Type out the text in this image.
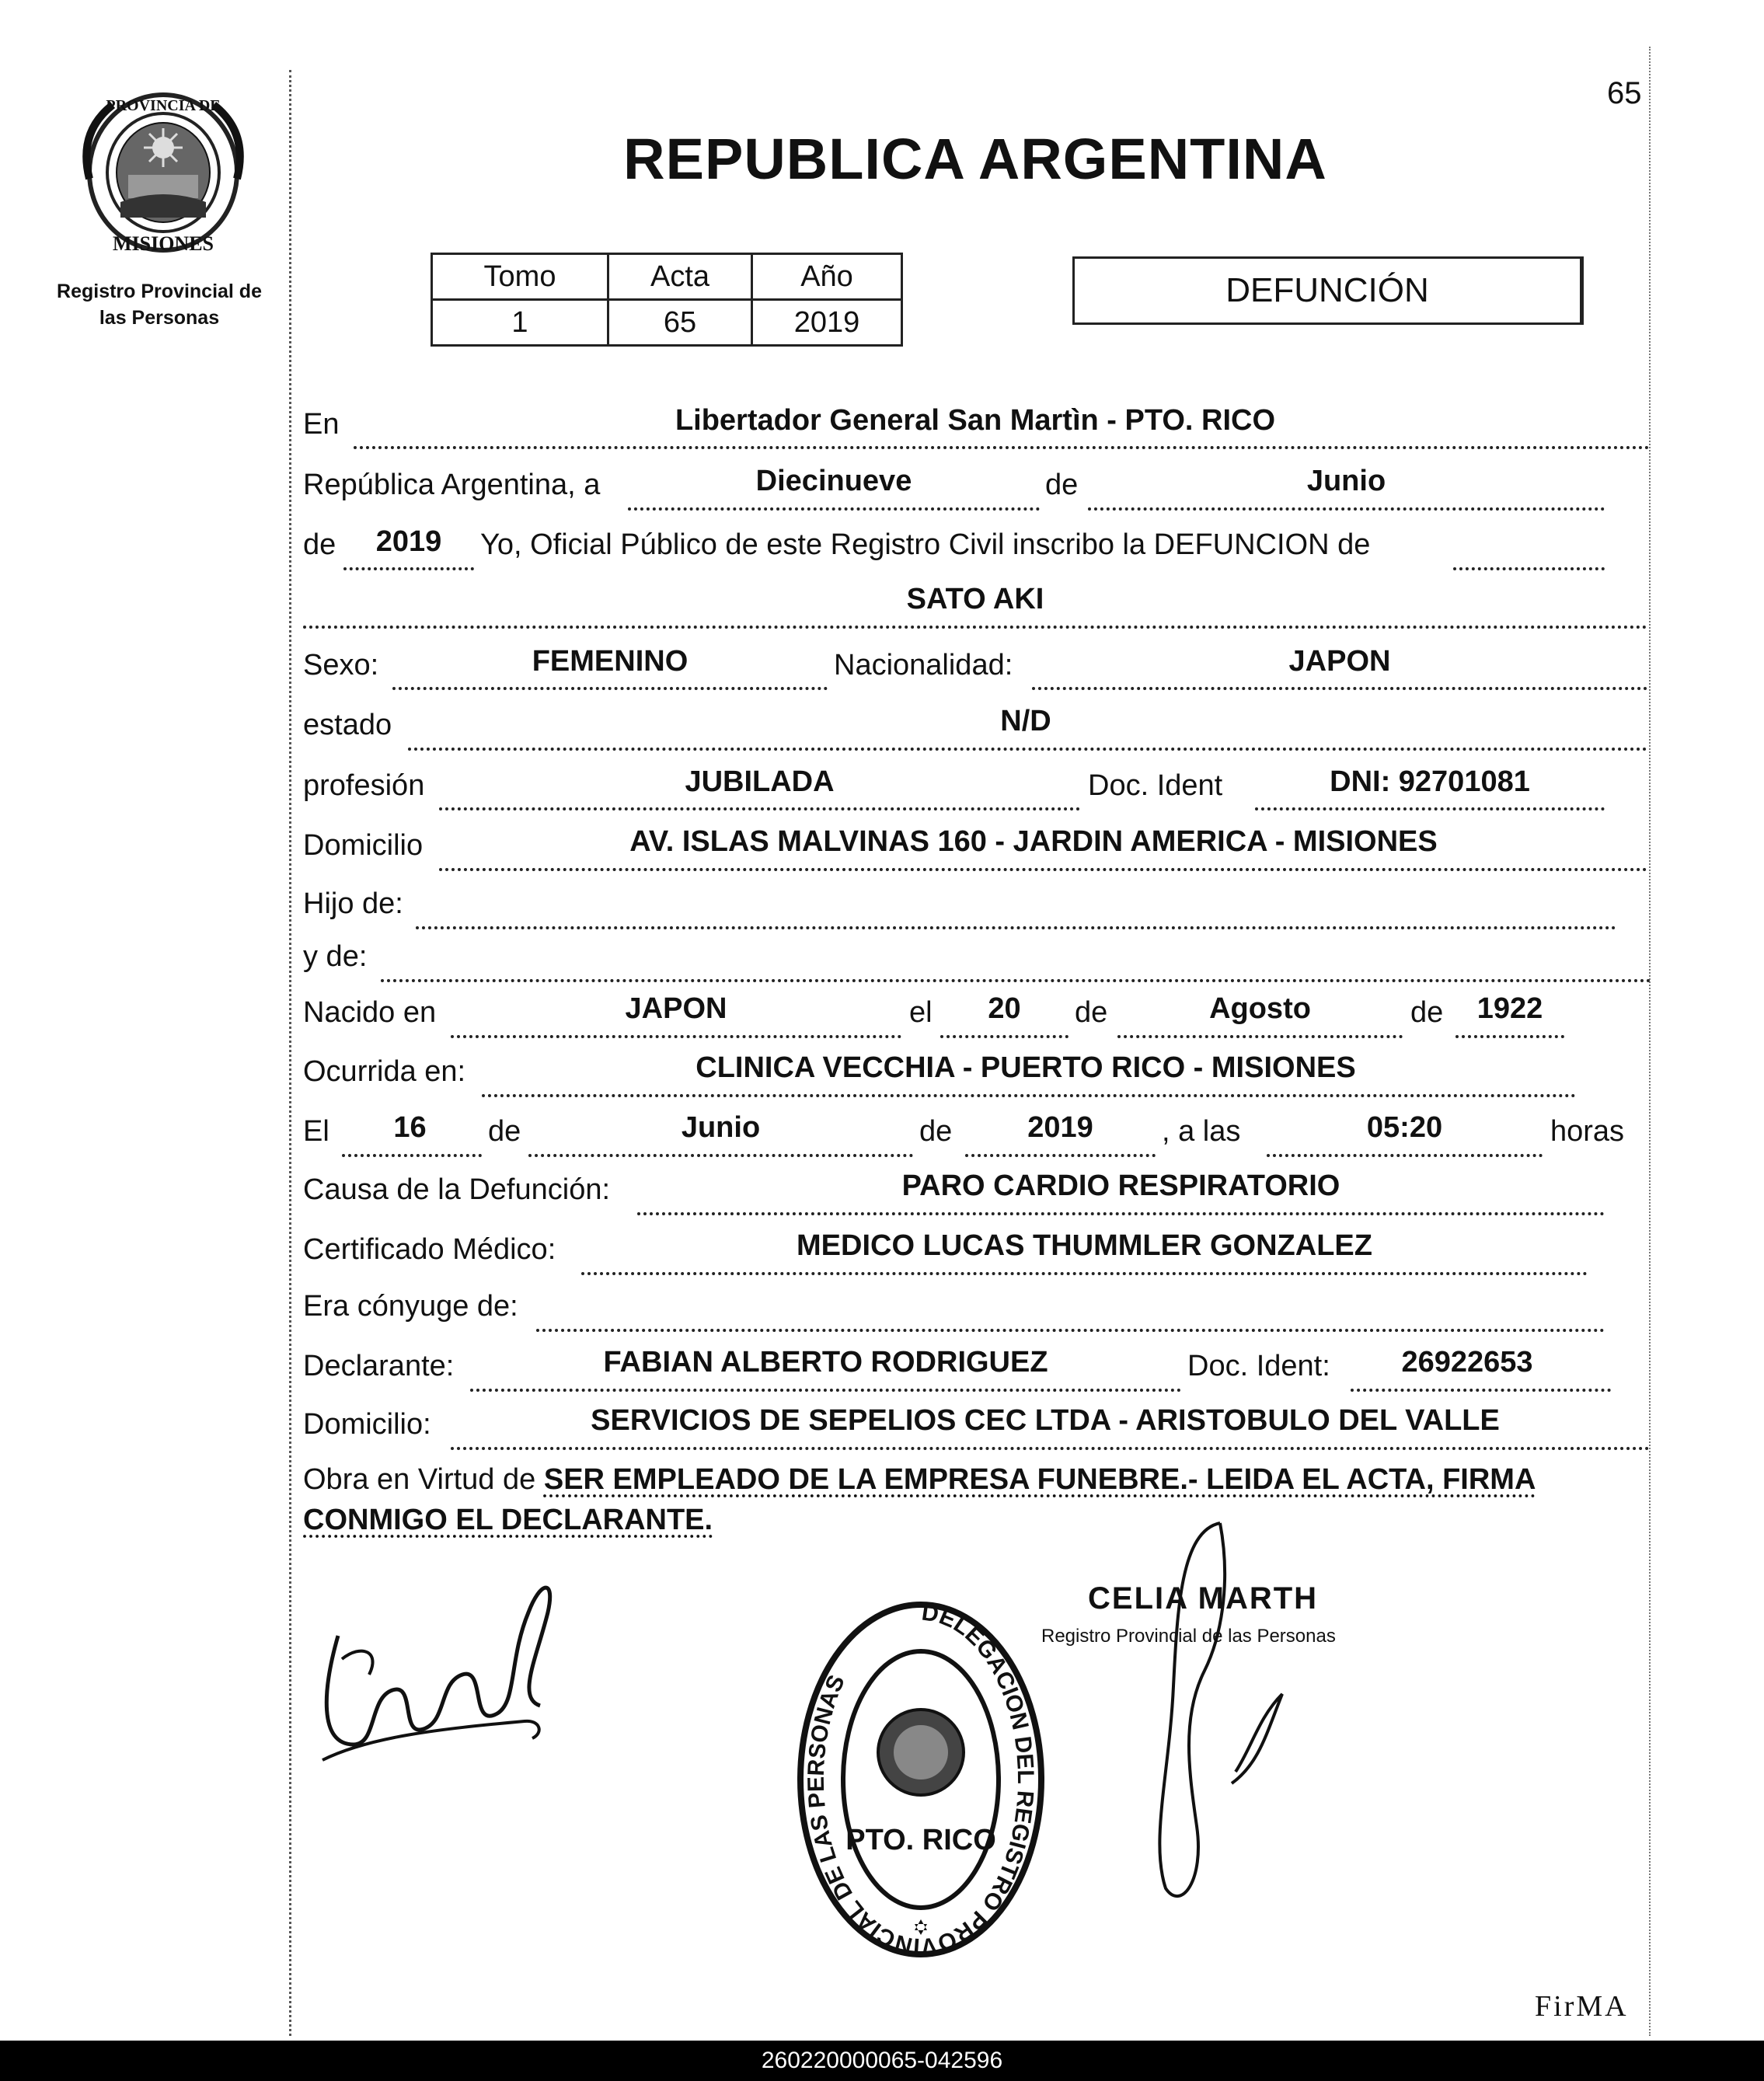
65
PROVINCIA DE
MISIONES
Registro Provincial de
las Personas
REPUBLICA ARGENTINA
Tomo	Acta	Año
1	65	2019
DEFUNCIÓN
En	Libertador General San Martìn - PTO. RICO
República Argentina, a	Diecinueve	de	Junio
de	2019	Yo, Oficial Público de este Registro Civil inscribo la DEFUNCION de
SATO AKI
Sexo:	FEMENINO	Nacionalidad:	JAPON
estado	N/D
profesión	JUBILADA	Doc. Ident	DNI: 92701081
Domicilio	AV. ISLAS MALVINAS 160 - JARDIN AMERICA - MISIONES
Hijo de:
y de:
Nacido en	JAPON	el	20	de	Agosto	de	1922
Ocurrida en:	CLINICA VECCHIA - PUERTO RICO - MISIONES
El	16	de	Junio	de	2019	, a las	05:20	horas
Causa de la Defunción:	PARO CARDIO RESPIRATORIO
Certificado Médico:	MEDICO LUCAS THUMMLER GONZALEZ
Era cónyuge de:
Declarante:	FABIAN ALBERTO RODRIGUEZ	Doc. Ident:	26922653
Domicilio:	SERVICIOS DE SEPELIOS CEC LTDA - ARISTOBULO DEL VALLE
Obra en Virtud de SER EMPLEADO DE LA EMPRESA FUNEBRE.- LEIDA EL ACTA, FIRMA
CONMIGO EL DECLARANTE.
DELEGACION DEL REGISTRO PROVINCIAL DE LAS PERSONAS
PTO. RICO
CELIA MARTH
Registro Provincial de las Personas
FirMA
260220000065-042596
